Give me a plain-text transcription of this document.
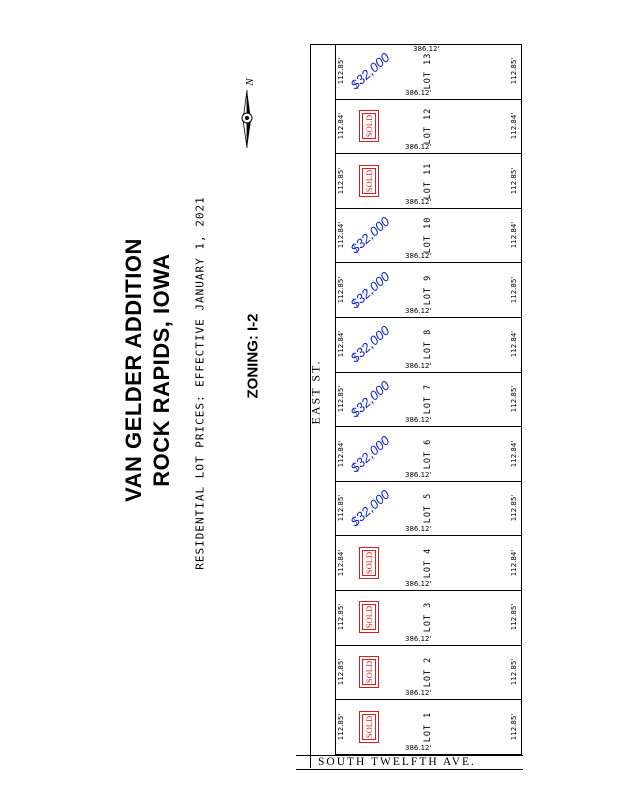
VAN GELDER ADDITION ROCK RAPIDS, IOWA RESIDENTIAL LOT PRICES: EFFECTIVE JANUARY 1, 2021	ZONING: I-2
N
EAST ST.
SOUTH TWELFTH AVE.
112.85'	112.85'
LOT 13
386.12'
386.12'
$32,000
112.84'	112.84'
LOT 12
386.12'
SOLD
112.85'	112.85'
LOT 11
386.12'
SOLD
112.84'	112.84'
LOT 10
386.12'
$32,000
112.85'	112.85'
LOT 9
386.12'
$32,000
112.84'	112.84'
LOT 8
386.12'
$32,000
112.85'	112.85'
LOT 7
386.12'
$32,000
112.84'	112.84'
LOT 6
386.12'
$32,000
112.85'	112.85'
LOT 5
386.12'
$32,000
112.84'	112.84'
LOT 4
386.12'
SOLD
112.85'	112.85'
LOT 3
386.12'
SOLD
112.85'	112.85'
LOT 2
386.12'
SOLD
112.85'	112.85'
LOT 1
386.12'
SOLD
